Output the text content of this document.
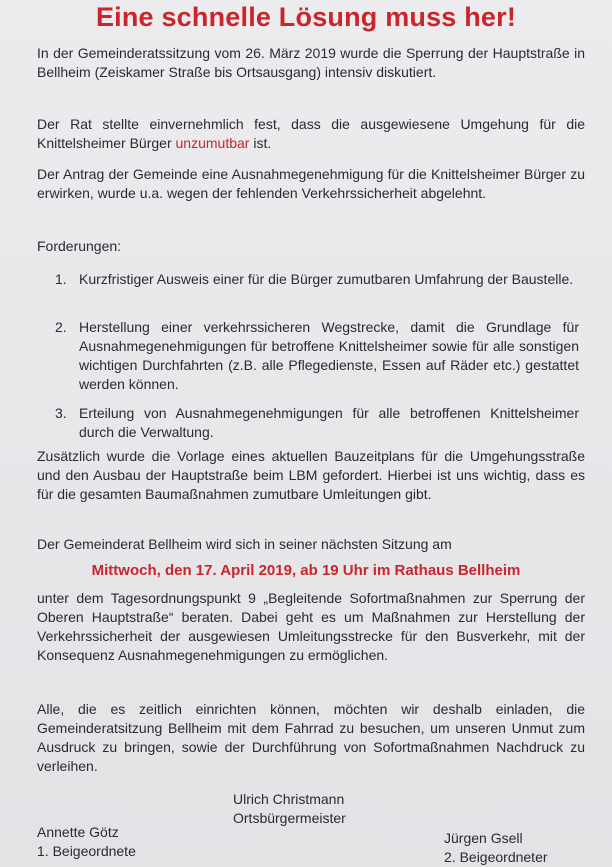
Eine schnelle Lösung muss her!

In der Gemeinderatssitzung vom 26. März 2019 wurde die Sperrung der Hauptstraße in Bellheim (Zeiskamer Straße bis Ortsausgang) intensiv diskutiert.

Der Rat stellte einvernehmlich fest, dass die ausgewiesene Umgehung für die Knittelsheimer Bürger unzumutbar ist.

Der Antrag der Gemeinde eine Ausnahmegenehmigung für die Knittelsheimer Bürger zu erwirken, wurde u.a. wegen der fehlenden Verkehrssicherheit abgelehnt.

Forderungen:
1. Kurzfristiger Ausweis einer für die Bürger zumutbaren Umfahrung der Baustelle.
2. Herstellung einer verkehrssicheren Wegstrecke, damit die Grundlage für Ausnahmegenehmigungen für betroffene Knittelsheimer sowie für alle sonstigen wichtigen Durchfahrten (z.B. alle Pflegedienste, Essen auf Räder etc.) gestattet werden können.
3. Erteilung von Ausnahmegenehmigungen für alle betroffenen Knittelsheimer durch die Verwaltung.

Zusätzlich wurde die Vorlage eines aktuellen Bauzeitplans für die Umgehungsstraße und den Ausbau der Hauptstraße beim LBM gefordert. Hierbei ist uns wichtig, dass es für die gesamten Baumaßnahmen zumutbare Umleitungen gibt.

Der Gemeinderat Bellheim wird sich in seiner nächsten Sitzung am

Mittwoch, den 17. April 2019, ab 19 Uhr im Rathaus Bellheim

unter dem Tagesordnungspunkt 9 „Begleitende Sofortmaßnahmen zur Sperrung der Oberen Hauptstraße“ beraten. Dabei geht es um Maßnahmen zur Herstellung der Verkehrssicherheit der ausgewiesen Umleitungsstrecke für den Busverkehr, mit der Konsequenz Ausnahmegenehmigungen zu ermöglichen.

Alle, die es zeitlich einrichten können, möchten wir deshalb einladen, die Gemeinderatsitzung Bellheim mit dem Fahrrad zu besuchen, um unseren Unmut zum Ausdruck zu bringen, sowie der Durchführung von Sofortmaßnahmen Nachdruck zu verleihen.

Ulrich Christmann
Ortsbürgermeister
Annette Götz
1. Beigeordnete
Jürgen Gsell
2. Beigeordneter
